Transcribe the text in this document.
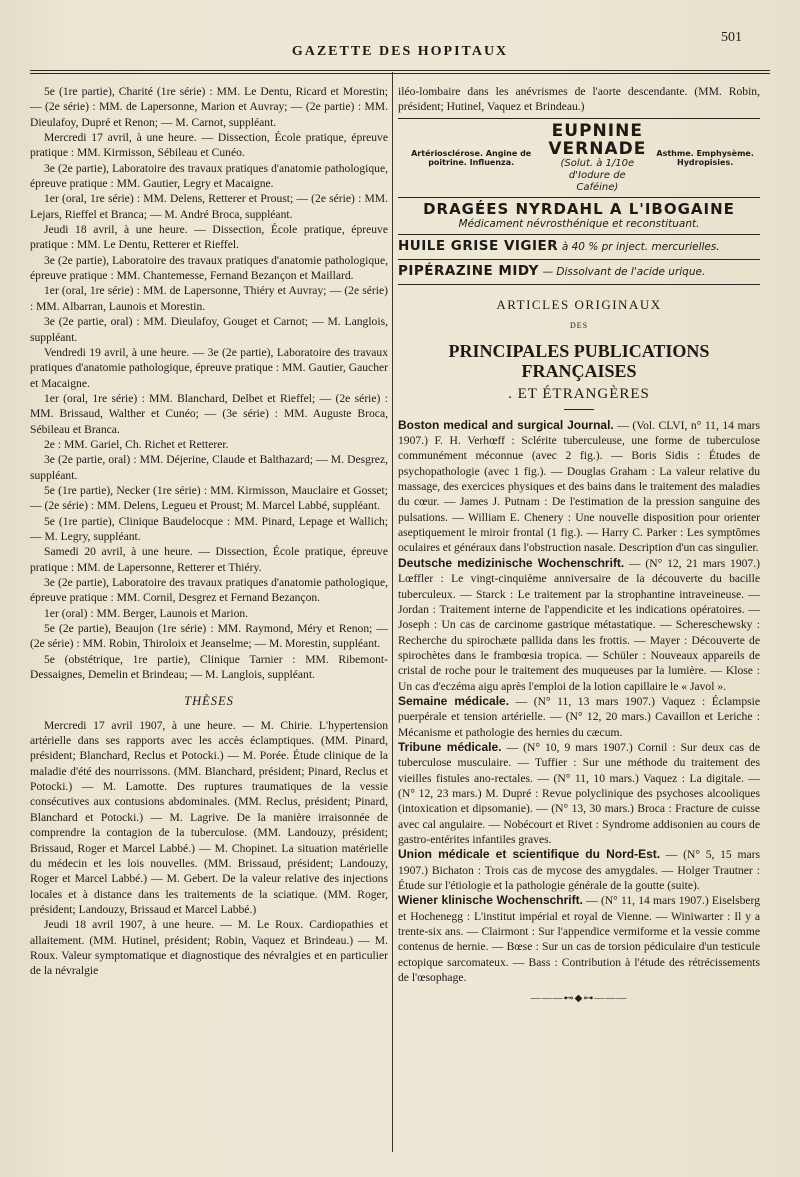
GAZETTE DES HOPITAUX
501

5e (1re partie), Charité (1re série) : MM. Le Dentu, Ricard et Morestin; — (2e série) : MM. de Lapersonne, Marion et Auvray; — (2e partie) : MM. Dieulafoy, Dupré et Renon; — M. Carnot, suppléant.

Mercredi 17 avril, à une heure. — Dissection, École pratique, épreuve pratique : MM. Kirmisson, Sébileau et Cunéo.

3e (2e partie), Laboratoire des travaux pratiques d'anatomie pathologique, épreuve pratique : MM. Gautier, Legry et Macaigne.

1er (oral, 1re série) : MM. Delens, Retterer et Proust; — (2e série) : MM. Lejars, Rieffel et Branca; — M. André Broca, suppléant.

Jeudi 18 avril, à une heure. — Dissection, École pratique, épreuve pratique : MM. Le Dentu, Retterer et Rieffel.

3e (2e partie), Laboratoire des travaux pratiques d'anatomie pathologique, épreuve pratique : MM. Chantemesse, Fernand Bezançon et Maillard.

1er (oral, 1re série) : MM. de Lapersonne, Thiéry et Auvray; — (2e série) : MM. Albarran, Launois et Morestin.

3e (2e partie, oral) : MM. Dieulafoy, Gouget et Carnot; — M. Langlois, suppléant.

Vendredi 19 avril, à une heure. — 3e (2e partie), Laboratoire des travaux pratiques d'anatomie pathologique, épreuve pratique : MM. Gautier, Gaucher et Macaigne.

1er (oral, 1re série) : MM. Blanchard, Delbet et Rieffel; — (2e série) : MM. Brissaud, Walther et Cunéo; — (3e série) : MM. Auguste Broca, Sébileau et Branca.

2e : MM. Gariel, Ch. Richet et Retterer.

3e (2e partie, oral) : MM. Déjerine, Claude et Balthazard; — M. Desgrez, suppléant.

5e (1re partie), Necker (1re série) : MM. Kirmisson, Mauclaire et Gosset; — (2e série) : MM. Delens, Legueu et Proust; M. Marcel Labbé, suppléant.

5e (1re partie), Clinique Baudelocque : MM. Pinard, Lepage et Wallich; — M. Legry, suppléant.

Samedi 20 avril, à une heure. — Dissection, École pratique, épreuve pratique : MM. de Lapersonne, Retterer et Thiéry.

3e (2e partie), Laboratoire des travaux pratiques d'anatomie pathologique, épreuve pratique : MM. Cornil, Desgrez et Fernand Bezançon.

1er (oral) : MM. Berger, Launois et Marion.

5e (2e partie), Beaujon (1re série) : MM. Raymond, Méry et Renon; — (2e série) : MM. Robin, Thiroloix et Jeanselme; — M. Morestin, suppléant.

5e (obstétrique, 1re partie), Clinique Tarnier : MM. Ribemont-Dessaignes, Demelin et Brindeau; — M. Langlois, suppléant.

THÈSES

Mercredi 17 avril 1907, à une heure. — M. Chirie. L'hypertension artérielle dans ses rapports avec les accès éclamptiques. (MM. Pinard, président; Blanchard, Reclus et Potocki.) — M. Porée. Étude clinique de la maladie d'été des nourrissons. (MM. Blanchard, président; Pinard, Reclus et Potocki.) — M. Lamotte. Des ruptures traumatiques de la vessie consécutives aux contusions abdominales. (MM. Reclus, président; Pinard, Blanchard et Potocki.) — M. Lagrive. De la manière irraisonnée de comprendre la contagion de la tuberculose. (MM. Landouzy, président; Brissaud, Roger et Marcel Labbé.) — M. Chopinet. La situation matérielle du médecin et les lois nouvelles. (MM. Brissaud, président; Landouzy, Roger et Marcel Labbé.) — M. Gebert. De la valeur relative des injections locales et à distance dans les traitements de la sciatique. (MM. Roger, président; Landouzy, Brissaud et Marcel Labbé.)

Jeudi 18 avril 1907, à une heure. — M. Le Roux. Cardiopathies et allaitement. (MM. Hutinel, président; Robin, Vaquez et Brindeau.) — M. Roux. Valeur symptomatique et diagnostique des névralgies et en particulier de la névralgie

iléo-lombaire dans les anévrismes de l'aorte descendante. (MM. Robin, président; Hutinel, Vaquez et Brindeau.)

Artériosclérose. Angine de poitrine. Influenza.
EUPNINE VERNADE
(Solut. à 1/10e d'Iodure de Caféine)
Asthme. Emphysème. Hydropisies.
DRAGÉES NYRDAHL A L'IBOGAINE
Médicament névrosthénique et reconstituant.
HUILE GRISE VIGIER à 40 % pr inject. mercurielles.
PIPÉRAZINE MIDY — Dissolvant de l'acide urique.
ARTICLES ORIGINAUX
DES
PRINCIPALES PUBLICATIONS FRANÇAISES
. ET ÉTRANGÈRES

Boston medical and surgical Journal. — (Vol. CLVI, n° 11, 14 mars 1907.) F. H. Verhœff : Sclérite tuberculeuse, une forme de tuberculose communément méconnue (avec 2 fig.). — Boris Sidis : Études de psychopathologie (avec 1 fig.). — Douglas Graham : La valeur relative du massage, des exercices physiques et des bains dans le traitement des maladies du cœur. — James J. Putnam : De l'estimation de la pression sanguine des pulsations. — William E. Chenery : Une nouvelle disposition pour orienter aseptiquement le miroir frontal (1 fig.). — Harry C. Parker : Les symptômes oculaires et généraux dans l'obstruction nasale. Description d'un cas singulier.

Deutsche medizinische Wochenschrift. — (N° 12, 21 mars 1907.) Lœffler : Le vingt-cinquième anniversaire de la découverte du bacille tuberculeux. — Starck : Le traitement par la strophantine intraveineuse. — Jordan : Traitement interne de l'appendicite et les indications opératoires. — Joseph : Un cas de carcinome gastrique métastatique. — Schereschewsky : Recherche du spirochæte pallida dans les frottis. — Mayer : Découverte de spirochètes dans le frambœsia tropica. — Schüler : Nouveaux appareils de cristal de roche pour le traitement des muqueuses par la lumière. — Klose : Un cas d'eczéma aigu après l'emploi de la lotion capillaire le « Javol ».

Semaine médicale. — (N° 11, 13 mars 1907.) Vaquez : Éclampsie puerpérale et tension artérielle. — (N° 12, 20 mars.) Cavaillon et Leriche : Mécanisme et pathologie des hernies du cæcum.

Tribune médicale. — (N° 10, 9 mars 1907.) Cornil : Sur deux cas de tuberculose musculaire. — Tuffier : Sur une méthode du traitement des vieilles fistules ano-rectales. — (N° 11, 10 mars.) Vaquez : La digitale. — (N° 12, 23 mars.) M. Dupré : Revue polyclinique des psychoses alcooliques (intoxication et dipsomanie). — (N° 13, 30 mars.) Broca : Fracture de cuisse avec cal angulaire. — Nobécourt et Rivet : Syndrome addisonien au cours de gastro-entérites infantiles graves.

Union médicale et scientifique du Nord-Est. — (N° 5, 15 mars 1907.) Bichaton : Trois cas de mycose des amygdales. — Holger Trautner : Étude sur l'étiologie et la pathologie générale de la goutte (suite).

Wiener klinische Wochenschrift. — (N° 11, 14 mars 1907.) Eiselsberg et Hochenegg : L'institut impérial et royal de Vienne. — Winiwarter : Il y a trente-six ans. — Clairmont : Sur l'appendice vermiforme et la vessie comme contenus de hernie. — Bœse : Sur un cas de torsion pédiculaire d'un testicule ectopique sarcomateux. — Bass : Contribution à l'étude des rétrécissements de l'œsophage.

———⊷◆⊶———
